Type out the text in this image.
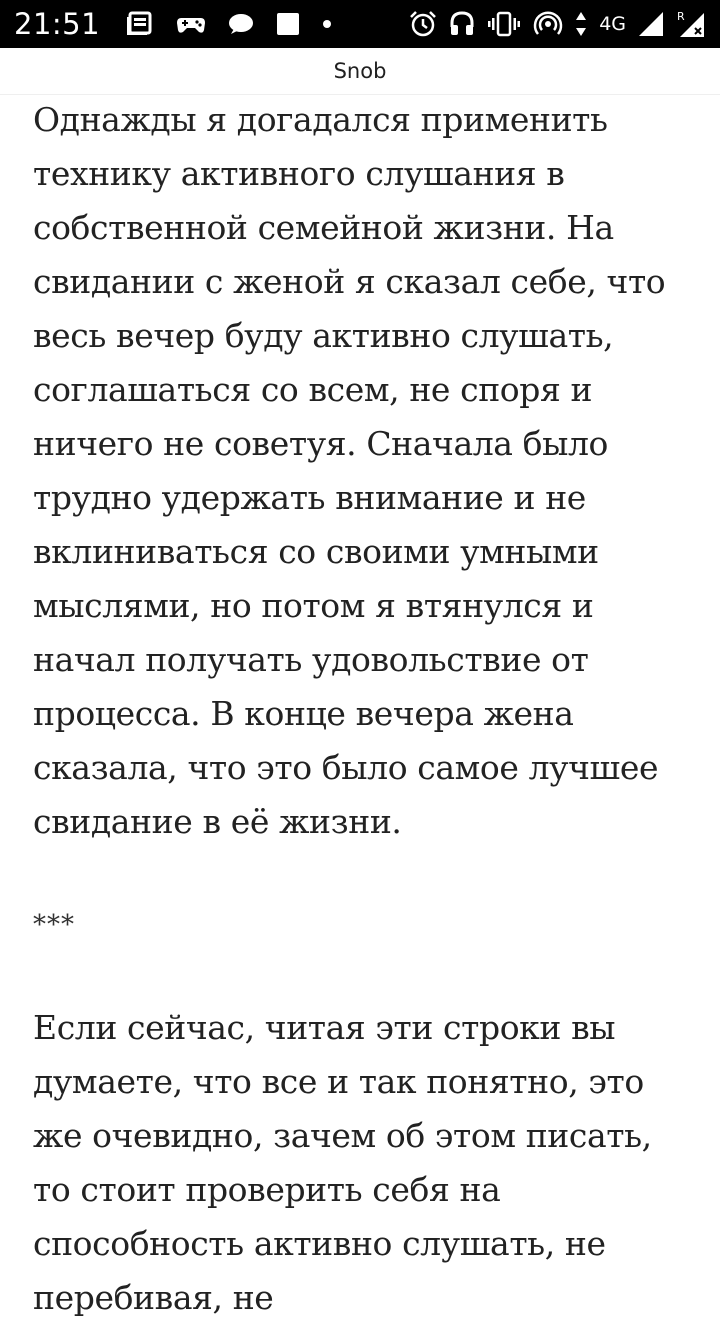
21:51	4G	R
Snob

Однажды я догадался применить технику активного слушания в собственной семейной жизни. На свидании с женой я сказал себе, что весь вечер буду активно слушать, соглашаться со всем, не споря и ничего не советуя. Сначала было трудно удержать внимание и не вклиниваться со своими умными мыслями, но потом я втянулся и начал получать удовольствие от процесса. В конце вечера жена сказала, что это было самое лучшее свидание в её жизни.

***

Если сейчас, читая эти строки вы думаете, что все и так понятно, это же очевидно, зачем об этом писать, то стоит проверить себя на способность активно слушать, не перебивая, не
